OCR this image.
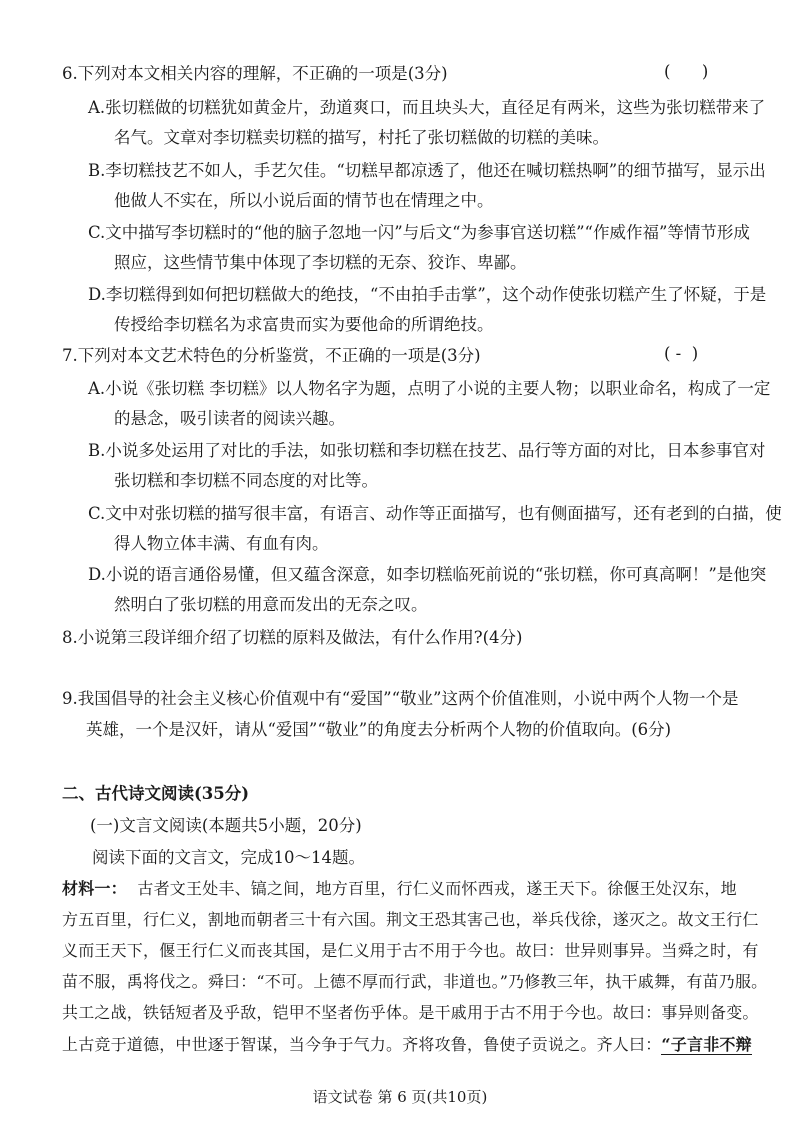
6.下列对本文相关内容的理解，不正确的一项是(3分)	(      )
A.张切糕做的切糕犹如黄金片，劲道爽口，而且块头大，直径足有两米，这些为张切糕带来了
名气。文章对李切糕卖切糕的描写，村托了张切糕做的切糕的美味。
B.李切糕技艺不如人，手艺欠佳。“切糕早都凉透了，他还在喊切糕热啊”的细节描写，显示出
他做人不实在，所以小说后面的情节也在情理之中。
C.文中描写李切糕时的“他的脑子忽地一闪”与后文“为参事官送切糕”“作威作福”等情节形成
照应，这些情节集中体现了李切糕的无奈、狡诈、卑鄙。
D.李切糕得到如何把切糕做大的绝技，“不由拍手击掌”，这个动作使张切糕产生了怀疑，于是
传授给李切糕名为求富贵而实为要他命的所谓绝技。
7.下列对本文艺术特色的分析鉴赏，不正确的一项是(3分)	( -  )
A.小说《张切糕 李切糕》以人物名字为题，点明了小说的主要人物；以职业命名，构成了一定
的悬念，吸引读者的阅读兴趣。
B.小说多处运用了对比的手法，如张切糕和李切糕在技艺、品行等方面的对比，日本参事官对
张切糕和李切糕不同态度的对比等。
C.文中对张切糕的描写很丰富，有语言、动作等正面描写，也有侧面描写，还有老到的白描，使
得人物立体丰满、有血有肉。
D.小说的语言通俗易懂，但又蕴含深意，如李切糕临死前说的“张切糕，你可真高啊！”是他突
然明白了张切糕的用意而发出的无奈之叹。
8.小说第三段详细介绍了切糕的原料及做法，有什么作用?(4分)
9.我国倡导的社会主义核心价值观中有“爱国”“敬业”这两个价值准则，小说中两个人物一个是
英雄，一个是汉奸，请从“爱国”“敬业”的角度去分析两个人物的价值取向。(6分)
二、古代诗文阅读(35分)
(一)文言文阅读(本题共5小题，20分)
阅读下面的文言文，完成10～14题。
材料一： 古者文王处丰、镐之间，地方百里，行仁义而怀西戎，遂王天下。徐偃王处汉东，地
方五百里，行仁义，割地而朝者三十有六国。荆文王恐其害己也，举兵伐徐，遂灭之。故文王行仁
义而王天下，偃王行仁义而丧其国，是仁义用于古不用于今也。故曰：世异则事异。当舜之时，有
苗不服，禹将伐之。舜曰：“不可。上德不厚而行武，非道也。”乃修教三年，执干戚舞，有苗乃服。
共工之战，铁铦短者及乎敌，铠甲不坚者伤乎体。是干戚用于古不用于今也。故曰：事异则备变。
上古竞于道德，中世逐于智谋，当今争于气力。齐将攻鲁，鲁使子贡说之。齐人曰：“子言非不辩
语文试卷 第 6 页(共10页)
